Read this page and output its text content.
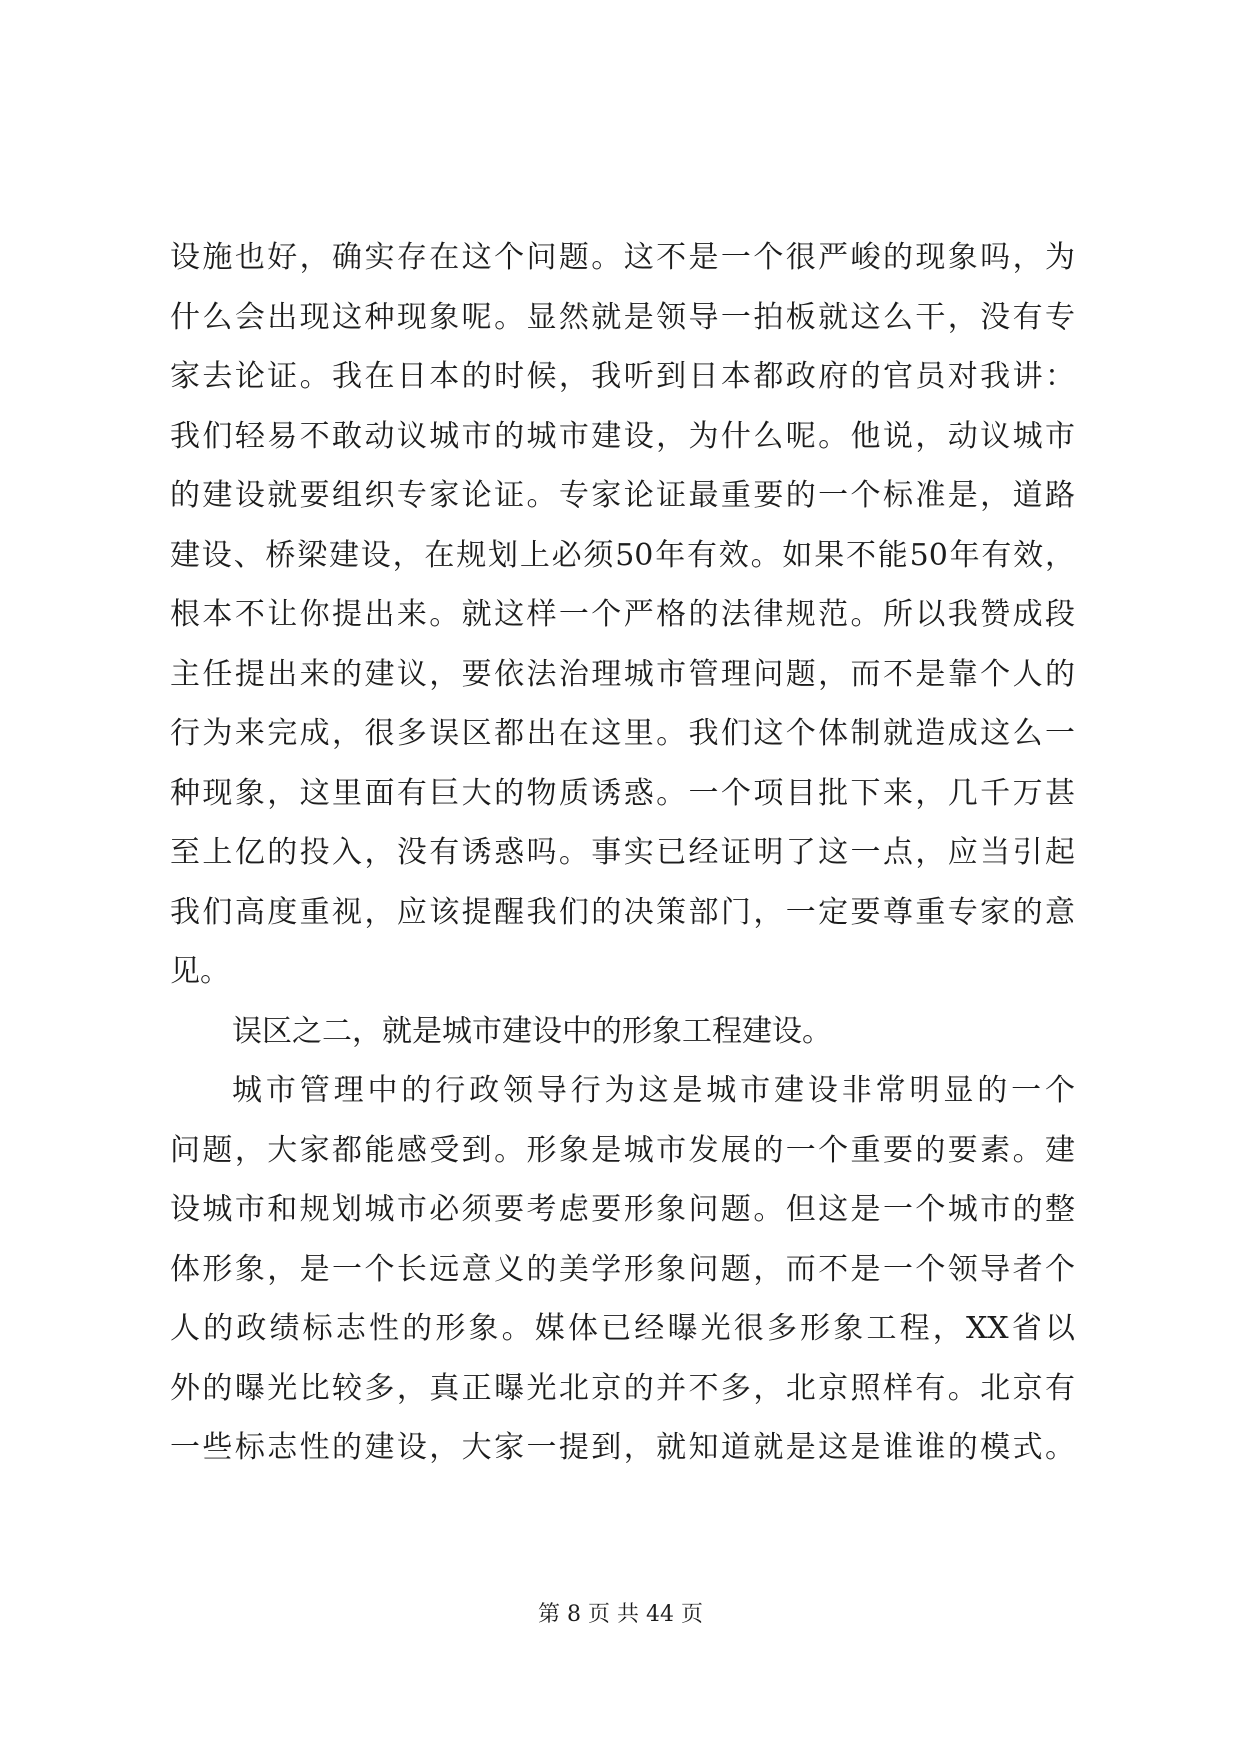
设施也好，确实存在这个问题。这不是一个很严峻的现象吗，为
什么会出现这种现象呢。显然就是领导一拍板就这么干，没有专
家去论证。我在日本的时候，我听到日本都政府的官员对我讲：
我们轻易不敢动议城市的城市建设，为什么呢。他说，动议城市
的建设就要组织专家论证。专家论证最重要的一个标准是，道路
建设、桥梁建设，在规划上必须50年有效。如果不能50年有效，
根本不让你提出来。就这样一个严格的法律规范。所以我赞成段
主任提出来的建议，要依法治理城市管理问题，而不是靠个人的
行为来完成，很多误区都出在这里。我们这个体制就造成这么一
种现象，这里面有巨大的物质诱惑。一个项目批下来，几千万甚
至上亿的投入，没有诱惑吗。事实已经证明了这一点，应当引起
我们高度重视，应该提醒我们的决策部门，一定要尊重专家的意
见。
误区之二，就是城市建设中的形象工程建设。
城市管理中的行政领导行为这是城市建设非常明显的一个
问题，大家都能感受到。形象是城市发展的一个重要的要素。建
设城市和规划城市必须要考虑要形象问题。但这是一个城市的整
体形象，是一个长远意义的美学形象问题，而不是一个领导者个
人的政绩标志性的形象。媒体已经曝光很多形象工程，XX省以
外的曝光比较多，真正曝光北京的并不多，北京照样有。北京有
一些标志性的建设，大家一提到，就知道就是这是谁谁的模式。
第 8 页 共 44 页
